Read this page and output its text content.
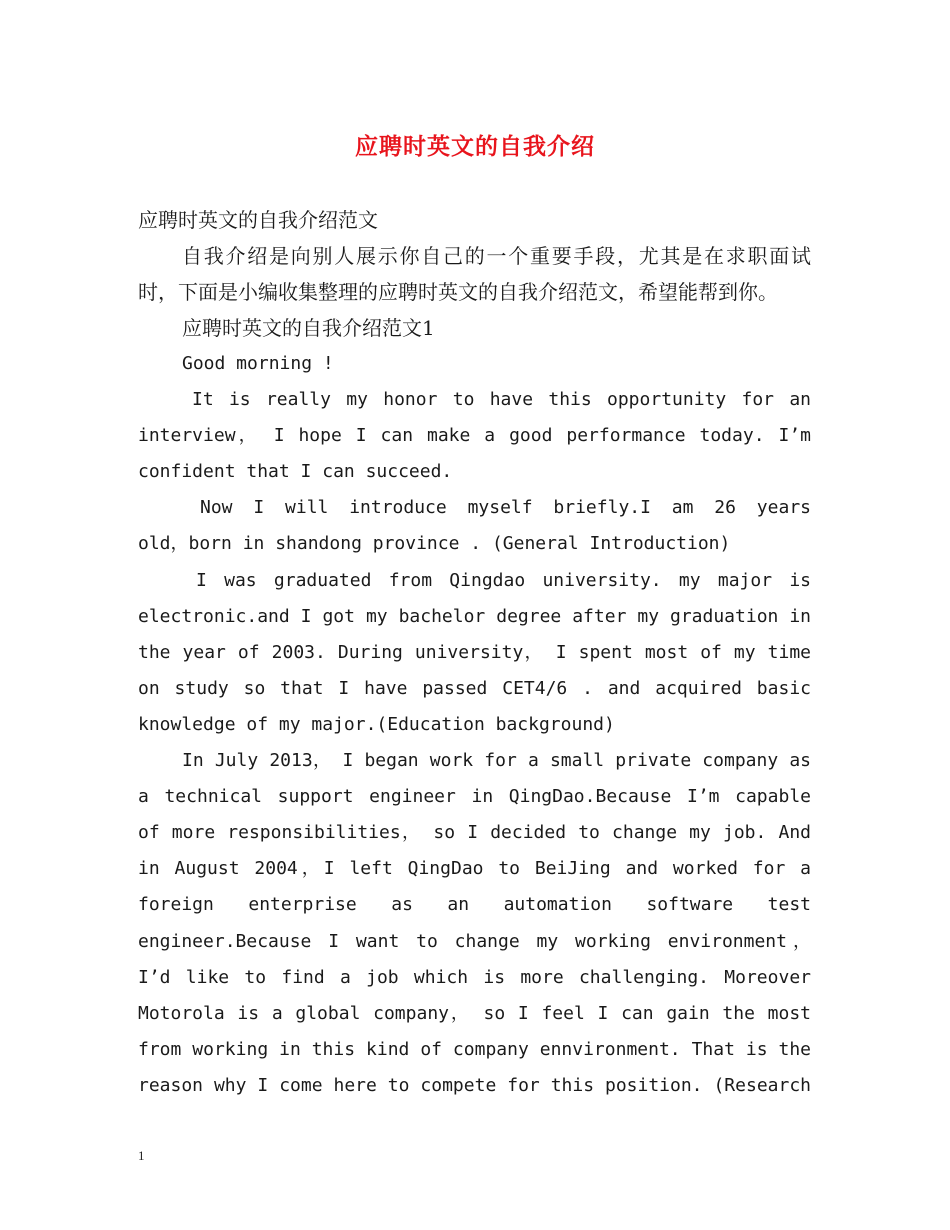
应聘时英文的自我介绍

应聘时英文的自我介绍范文

自我介绍是向别人展示你自己的一个重要手段，尤其是在求职面试
时，下面是小编收集整理的应聘时英文的自我介绍范文，希望能帮到你。

应聘时英文的自我介绍范文1

Good morning !

It is really my honor to have this opportunity for an
interview， I hope I can make a good performance today. I’m
confident that I can succeed.
Now I will introduce myself briefly.I am 26 years
old，born in shandong province . (General Introduction)
I was graduated from Qingdao university. my major is
electronic.and I got my bachelor degree after my graduation in
the year of 2003. During university， I spent most of my time
on study so that I have passed CET4/6 . and acquired basic
knowledge of my major.(Education background)
In July 2013， I began work for a small private company as
a technical support engineer in QingDao.Because I’m capable
of more responsibilities， so I decided to change my job. And
in August 2004，I left QingDao to BeiJing and worked for a
foreign enterprise as an automation software test
engineer.Because I want to change my working environment，
I’d like to find a job which is more challenging. Moreover
Motorola is a global company， so I feel I can gain the most
from working in this kind of company ennvironment. That is the
reason why I come here to compete for this position. (Research
1
